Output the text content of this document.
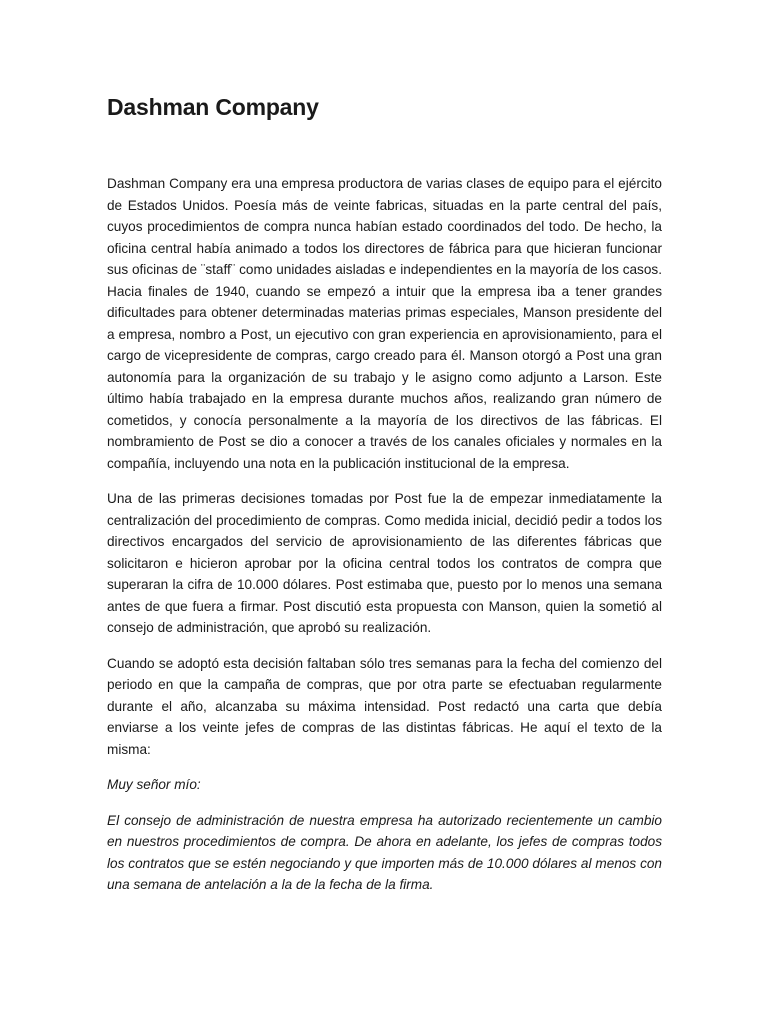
Dashman Company

Dashman Company era una empresa productora de varias clases de equipo para el ejército de Estados Unidos. Poesía más de veinte fabricas, situadas en la parte central del país, cuyos procedimientos de compra nunca habían estado coordinados del todo. De hecho, la oficina central había animado a todos los directores de fábrica para que hicieran funcionar sus oficinas de ¨staff¨ como unidades aisladas e independientes en la mayoría de los casos. Hacia finales de 1940, cuando se empezó a intuir que la empresa iba a tener grandes dificultades para obtener determinadas materias primas especiales, Manson presidente del a empresa, nombro a Post, un ejecutivo con gran experiencia en aprovisionamiento, para el cargo de vicepresidente de compras, cargo creado para él. Manson otorgó a Post una gran autonomía para la organización de su trabajo y le asigno como adjunto a Larson. Este último había trabajado en la empresa durante muchos años, realizando gran número de cometidos, y conocía personalmente a la mayoría de los directivos de las fábricas. El nombramiento de Post se dio a conocer a través de los canales oficiales y normales en la compañía, incluyendo una nota en la publicación institucional de la empresa.

Una de las primeras decisiones tomadas por Post fue la de empezar inmediatamente la centralización del procedimiento de compras. Como medida inicial, decidió pedir a todos los directivos encargados del servicio de aprovisionamiento de las diferentes fábricas que solicitaron e hicieron aprobar por la oficina central todos los contratos de compra que superaran la cifra de 10.000 dólares. Post estimaba que, puesto por lo menos una semana antes de que fuera a firmar. Post discutió esta propuesta con Manson, quien la sometió al consejo de administración, que aprobó su realización.

Cuando se adoptó esta decisión faltaban sólo tres semanas para la fecha del comienzo del periodo en que la campaña de compras, que por otra parte se efectuaban regularmente durante el año, alcanzaba su máxima intensidad. Post redactó una carta que debía enviarse a los veinte jefes de compras de las distintas fábricas. He aquí el texto de la misma:

Muy señor mío:

El consejo de administración de nuestra empresa ha autorizado recientemente un cambio en nuestros procedimientos de compra. De ahora en adelante, los jefes de compras todos los contratos que se estén negociando y que importen más de 10.000 dólares al menos con una semana de antelación a la de la fecha de la firma.
